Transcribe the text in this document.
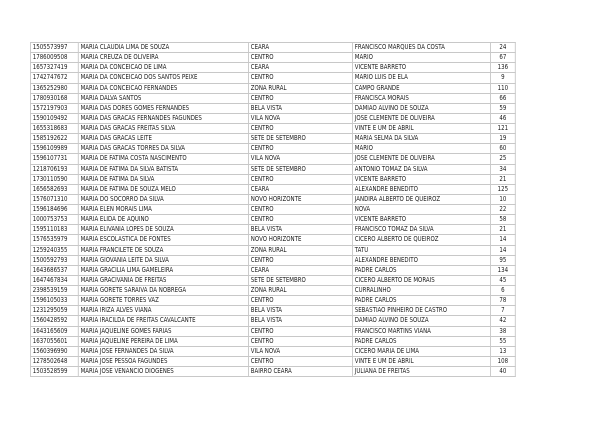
1505573997	MARIA CLAUDIA LIMA DE SOUZA	CEARA	FRANCISCO MARQUES DA COSTA	24
1786009508	MARIA CREUZA DE OLIVEIRA	CENTRO	MARIO	67
1657327419	MARIA DA CONCEICAO DE LIMA	CEARA	VICENTE BARRETO	136
1742747672	MARIA DA CONCEICAO DOS SANTOS PEIXE	CENTRO	MARIO LUIS DE ELA	9
1365252980	MARIA DA CONCEICAO FERNANDES	ZONA RURAL	CAMPO GRANDE	110
1780930168	MARIA DALVA SANTOS	CENTRO	FRANCISCA MORAIS	66
1572197903	MARIA DAS DORES GOMES FERNANDES	BELA VISTA	DAMIAO ALVINO DE SOUZA	59
1590109492	MARIA DAS GRACAS FERNANDES FAGUNDES	VILA NOVA	JOSE CLEMENTE DE OLIVEIRA	46
1655318683	MARIA DAS GRACAS FREITAS SILVA	CENTRO	VINTE E UM DE ABRIL	121
1585192622	MARIA DAS GRACAS LEITE	SETE DE SETEMBRO	MARIA SELMA DA SILVA	19
1596109989	MARIA DAS GRACAS TORRES DA SILVA	CENTRO	MARIO	60
1596107731	MARIA DE FATIMA COSTA NASCIMENTO	VILA NOVA	JOSE CLEMENTE DE OLIVEIRA	25
1218706193	MARIA DE FATIMA DA SILVA BATISTA	SETE DE SETEMBRO	ANTONIO TOMAZ DA SILVA	34
1730110590	MARIA DE FATIMA DA SILVA	CENTRO	VICENTE BARRETO	21
1656582693	MARIA DE FATIMA DE SOUZA MELO	CEARA	ALEXANDRE BENEDITO	125
1576071310	MARIA DO SOCORRO DA SILVA	NOVO HORIZONTE	JANDIRA ALBERTO DE QUEIROZ	10
1596184696	MARIA ELEN MORAIS LIMA	CENTRO	NOVA	22
1000753753	MARIA ELIDA DE AQUINO	CENTRO	VICENTE BARRETO	58
1595110183	MARIA ELIVANIA LOPES DE SOUZA	BELA VISTA	FRANCISCO TOMAZ DA SILVA	21
1576535979	MARIA ESCOLASTICA DE FONTES	NOVO HORIZONTE	CICERO ALBERTO DE QUEIROZ	14
1259240355	MARIA FRANCILETE DE SOUZA	ZONA RURAL	TATU	14
1500592793	MARIA GIOVANIA LEITE DA SILVA	CENTRO	ALEXANDRE BENEDITO	95
1643686537	MARIA GRACILIA LIMA GAMELEIRA	CEARA	PADRE CARLOS	134
1647467834	MARIA GRACIVANIA DE FREITAS	SETE DE SETEMBRO	CICERO ALBERTO DE MORAIS	45
2398539159	MARIA GORETE SARAIVA DA NOBREGA	ZONA RURAL	CURRALINHO	6
1596105033	MARIA GORETE TORRES VAZ	CENTRO	PADRE CARLOS	78
1231295059	MARIA IRIZA ALVES VIANA	BELA VISTA	SEBASTIAO PINHEIRO DE CASTRO	7
1560428592	MARIA IRACILDA DE FREITAS CAVALCANTE	BELA VISTA	DAMIAO ALVINO DE SOUZA	42
1643165609	MARIA JAQUELINE GOMES FARIAS	CENTRO	FRANCISCO MARTINS VIANA	38
1637055601	MARIA JAQUELINE PEREIRA DE LIMA	CENTRO	PADRE CARLOS	55
1560396990	MARIA JOSE FERNANDES DA SILVA	VILA NOVA	CICERO MARIA DE LIMA	13
1278502648	MARIA JOSE PESSOA FAGUNDES	CENTRO	VINTE E UM DE ABRIL	108
1503528599	MARIA JOSE VENANCIO DIOGENES	BAIRRO CEARA	JULIANA DE FREITAS	40
